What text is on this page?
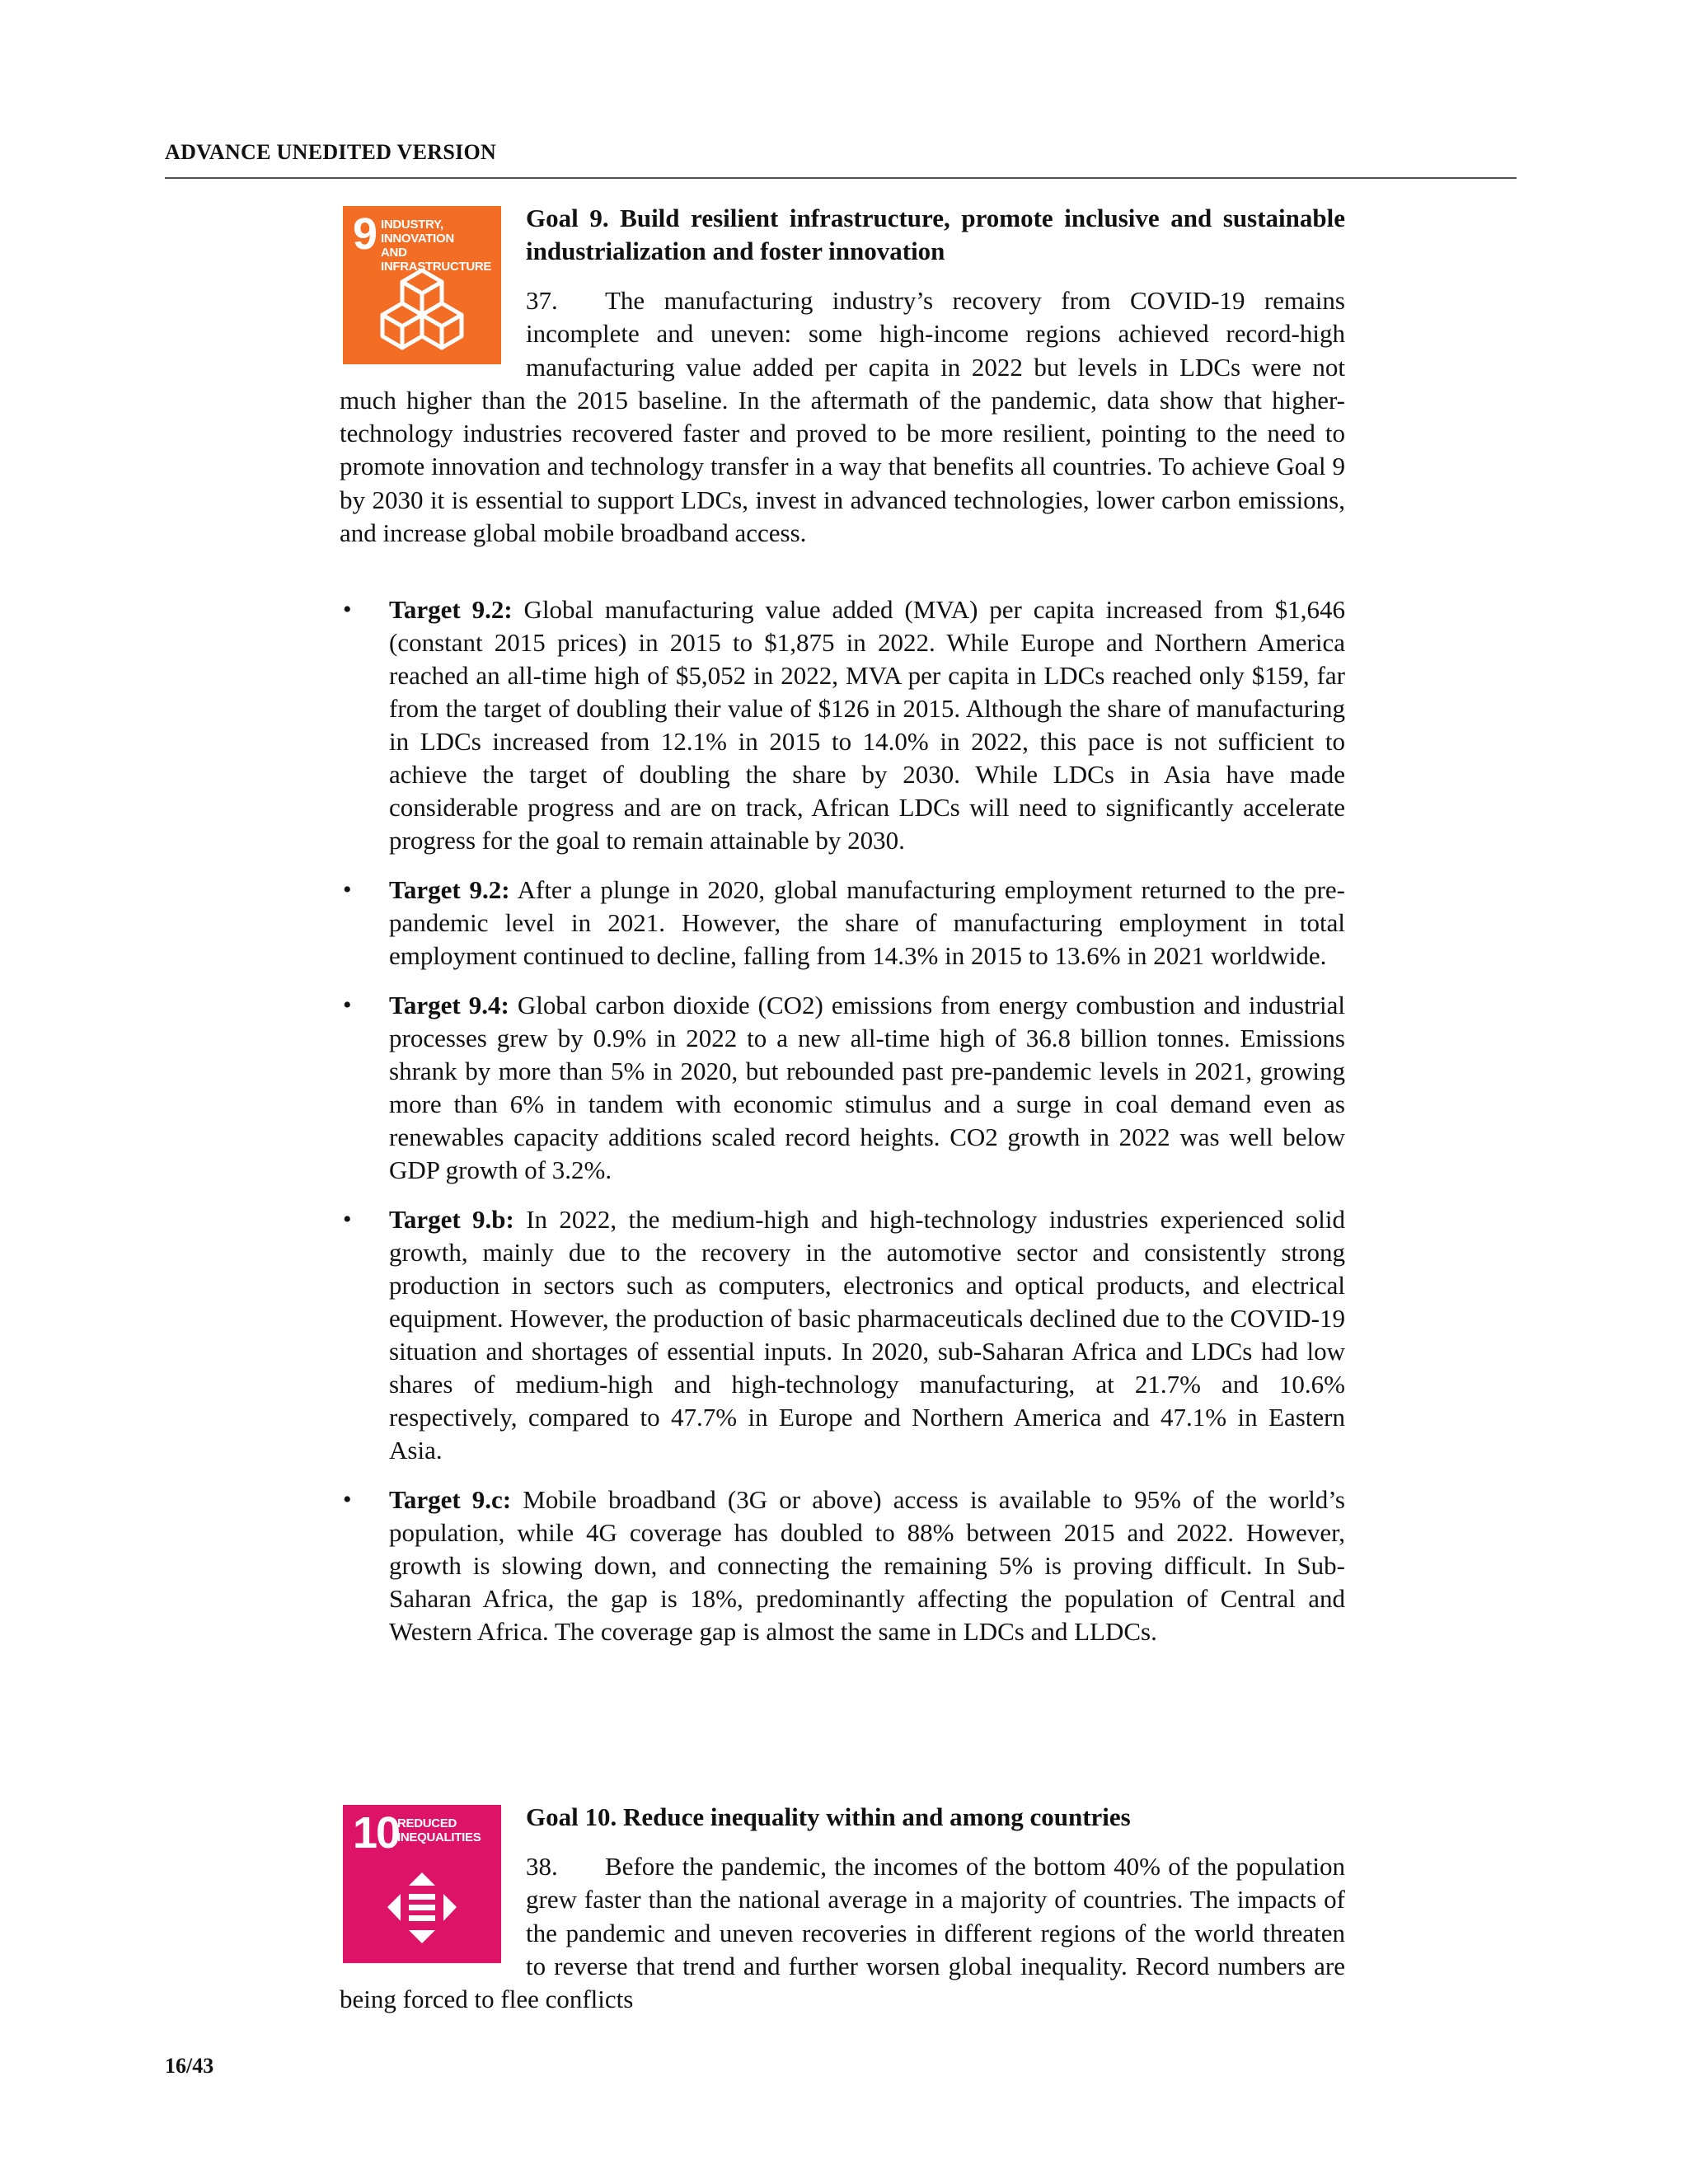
ADVANCE UNEDITED VERSION
9 INDUSTRY, INNOVATION
AND INFRASTRUCTURE
Goal 9. Build resilient infrastructure, promote inclusive and sustainable industrialization and foster innovation

37. The manufacturing industry’s recovery from COVID-19 remains incomplete and uneven: some high-income regions achieved record-high manufacturing value added per capita in 2022 but levels in LDCs were not much higher than the 2015 baseline. In the aftermath of the pandemic, data show that higher-technology industries recovered faster and proved to be more resilient, pointing to the need to promote innovation and technology transfer in a way that benefits all countries. To achieve Goal 9 by 2030 it is essential to support LDCs, invest in advanced technologies, lower carbon emissions, and increase global mobile broadband access.

• Target 9.2: Global manufacturing value added (MVA) per capita increased from $1,646 (constant 2015 prices) in 2015 to $1,875 in 2022. While Europe and Northern America reached an all-time high of $5,052 in 2022, MVA per capita in LDCs reached only $159, far from the target of doubling their value of $126 in 2015. Although the share of manufacturing in LDCs increased from 12.1% in 2015 to 14.0% in 2022, this pace is not sufficient to achieve the target of doubling the share by 2030. While LDCs in Asia have made considerable progress and are on track, African LDCs will need to significantly accelerate progress for the goal to remain attainable by 2030.
• Target 9.2: After a plunge in 2020, global manufacturing employment returned to the pre-pandemic level in 2021. However, the share of manufacturing employment in total employment continued to decline, falling from 14.3% in 2015 to 13.6% in 2021 worldwide.
• Target 9.4: Global carbon dioxide (CO2) emissions from energy combustion and industrial processes grew by 0.9% in 2022 to a new all-time high of 36.8 billion tonnes. Emissions shrank by more than 5% in 2020, but rebounded past pre-pandemic levels in 2021, growing more than 6% in tandem with economic stimulus and a surge in coal demand even as renewables capacity additions scaled record heights. CO2 growth in 2022 was well below GDP growth of 3.2%.
• Target 9.b: In 2022, the medium-high and high-technology industries experienced solid growth, mainly due to the recovery in the automotive sector and consistently strong production in sectors such as computers, electronics and optical products, and electrical equipment. However, the production of basic pharmaceuticals declined due to the COVID-19 situation and shortages of essential inputs. In 2020, sub-Saharan Africa and LDCs had low shares of medium-high and high-technology manufacturing, at 21.7% and 10.6% respectively, compared to 47.7% in Europe and Northern America and 47.1% in Eastern Asia.
• Target 9.c: Mobile broadband (3G or above) access is available to 95% of the world’s population, while 4G coverage has doubled to 88% between 2015 and 2022. However, growth is slowing down, and connecting the remaining 5% is proving difficult. In Sub-Saharan Africa, the gap is 18%, predominantly affecting the population of Central and Western Africa. The coverage gap is almost the same in LDCs and LLDCs.
10
REDUCED
INEQUALITIES
Goal 10. Reduce inequality within and among countries

38. Before the pandemic, the incomes of the bottom 40% of the population grew faster than the national average in a majority of countries. The impacts of the pandemic and uneven recoveries in different regions of the world threaten to reverse that trend and further worsen global inequality. Record numbers are being forced to flee conflicts

16/43
